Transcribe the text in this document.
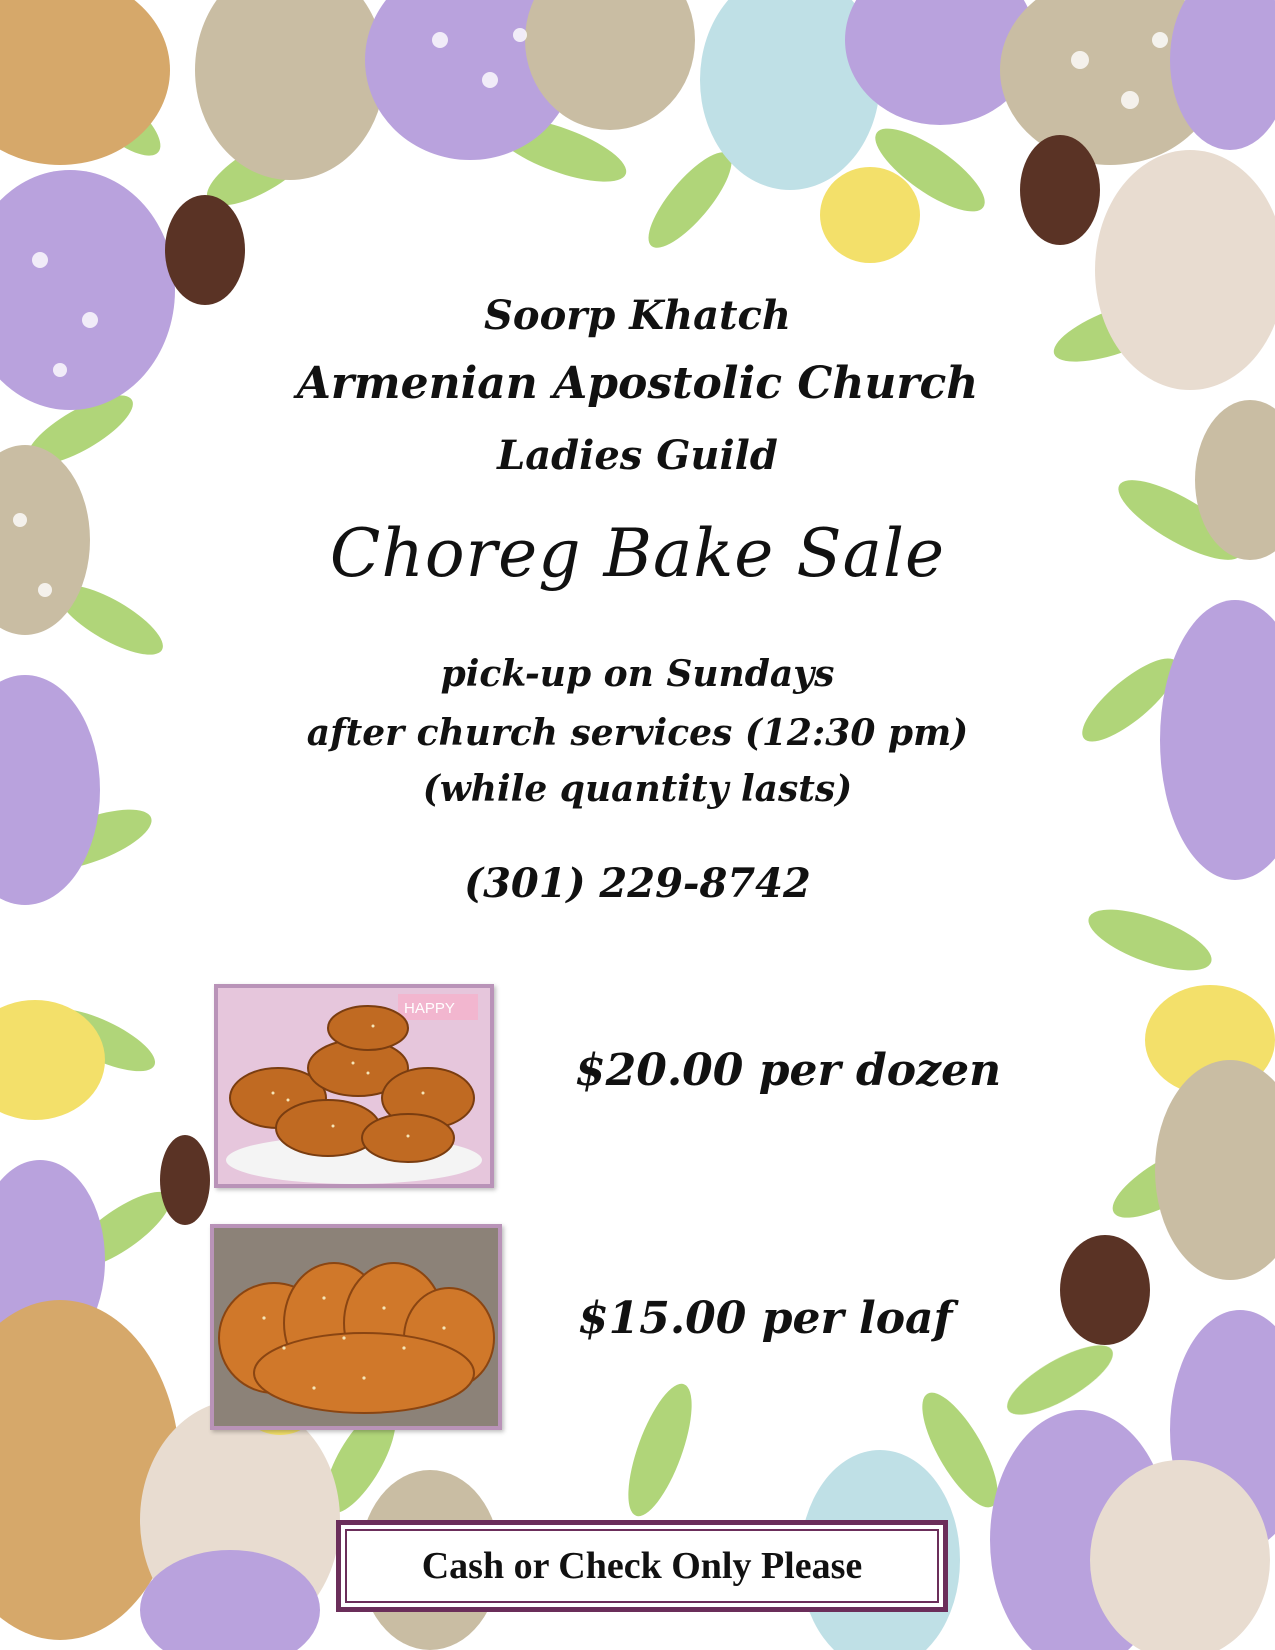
Soorp Khatch
Armenian Apostolic Church
Ladies Guild
Choreg Bake Sale
pick-up on Sundays
after church services (12:30 pm)
(while quantity lasts)
(301) 229-8742
HAPPY
$20.00 per dozen
$15.00 per loaf
Cash or Check Only Please
